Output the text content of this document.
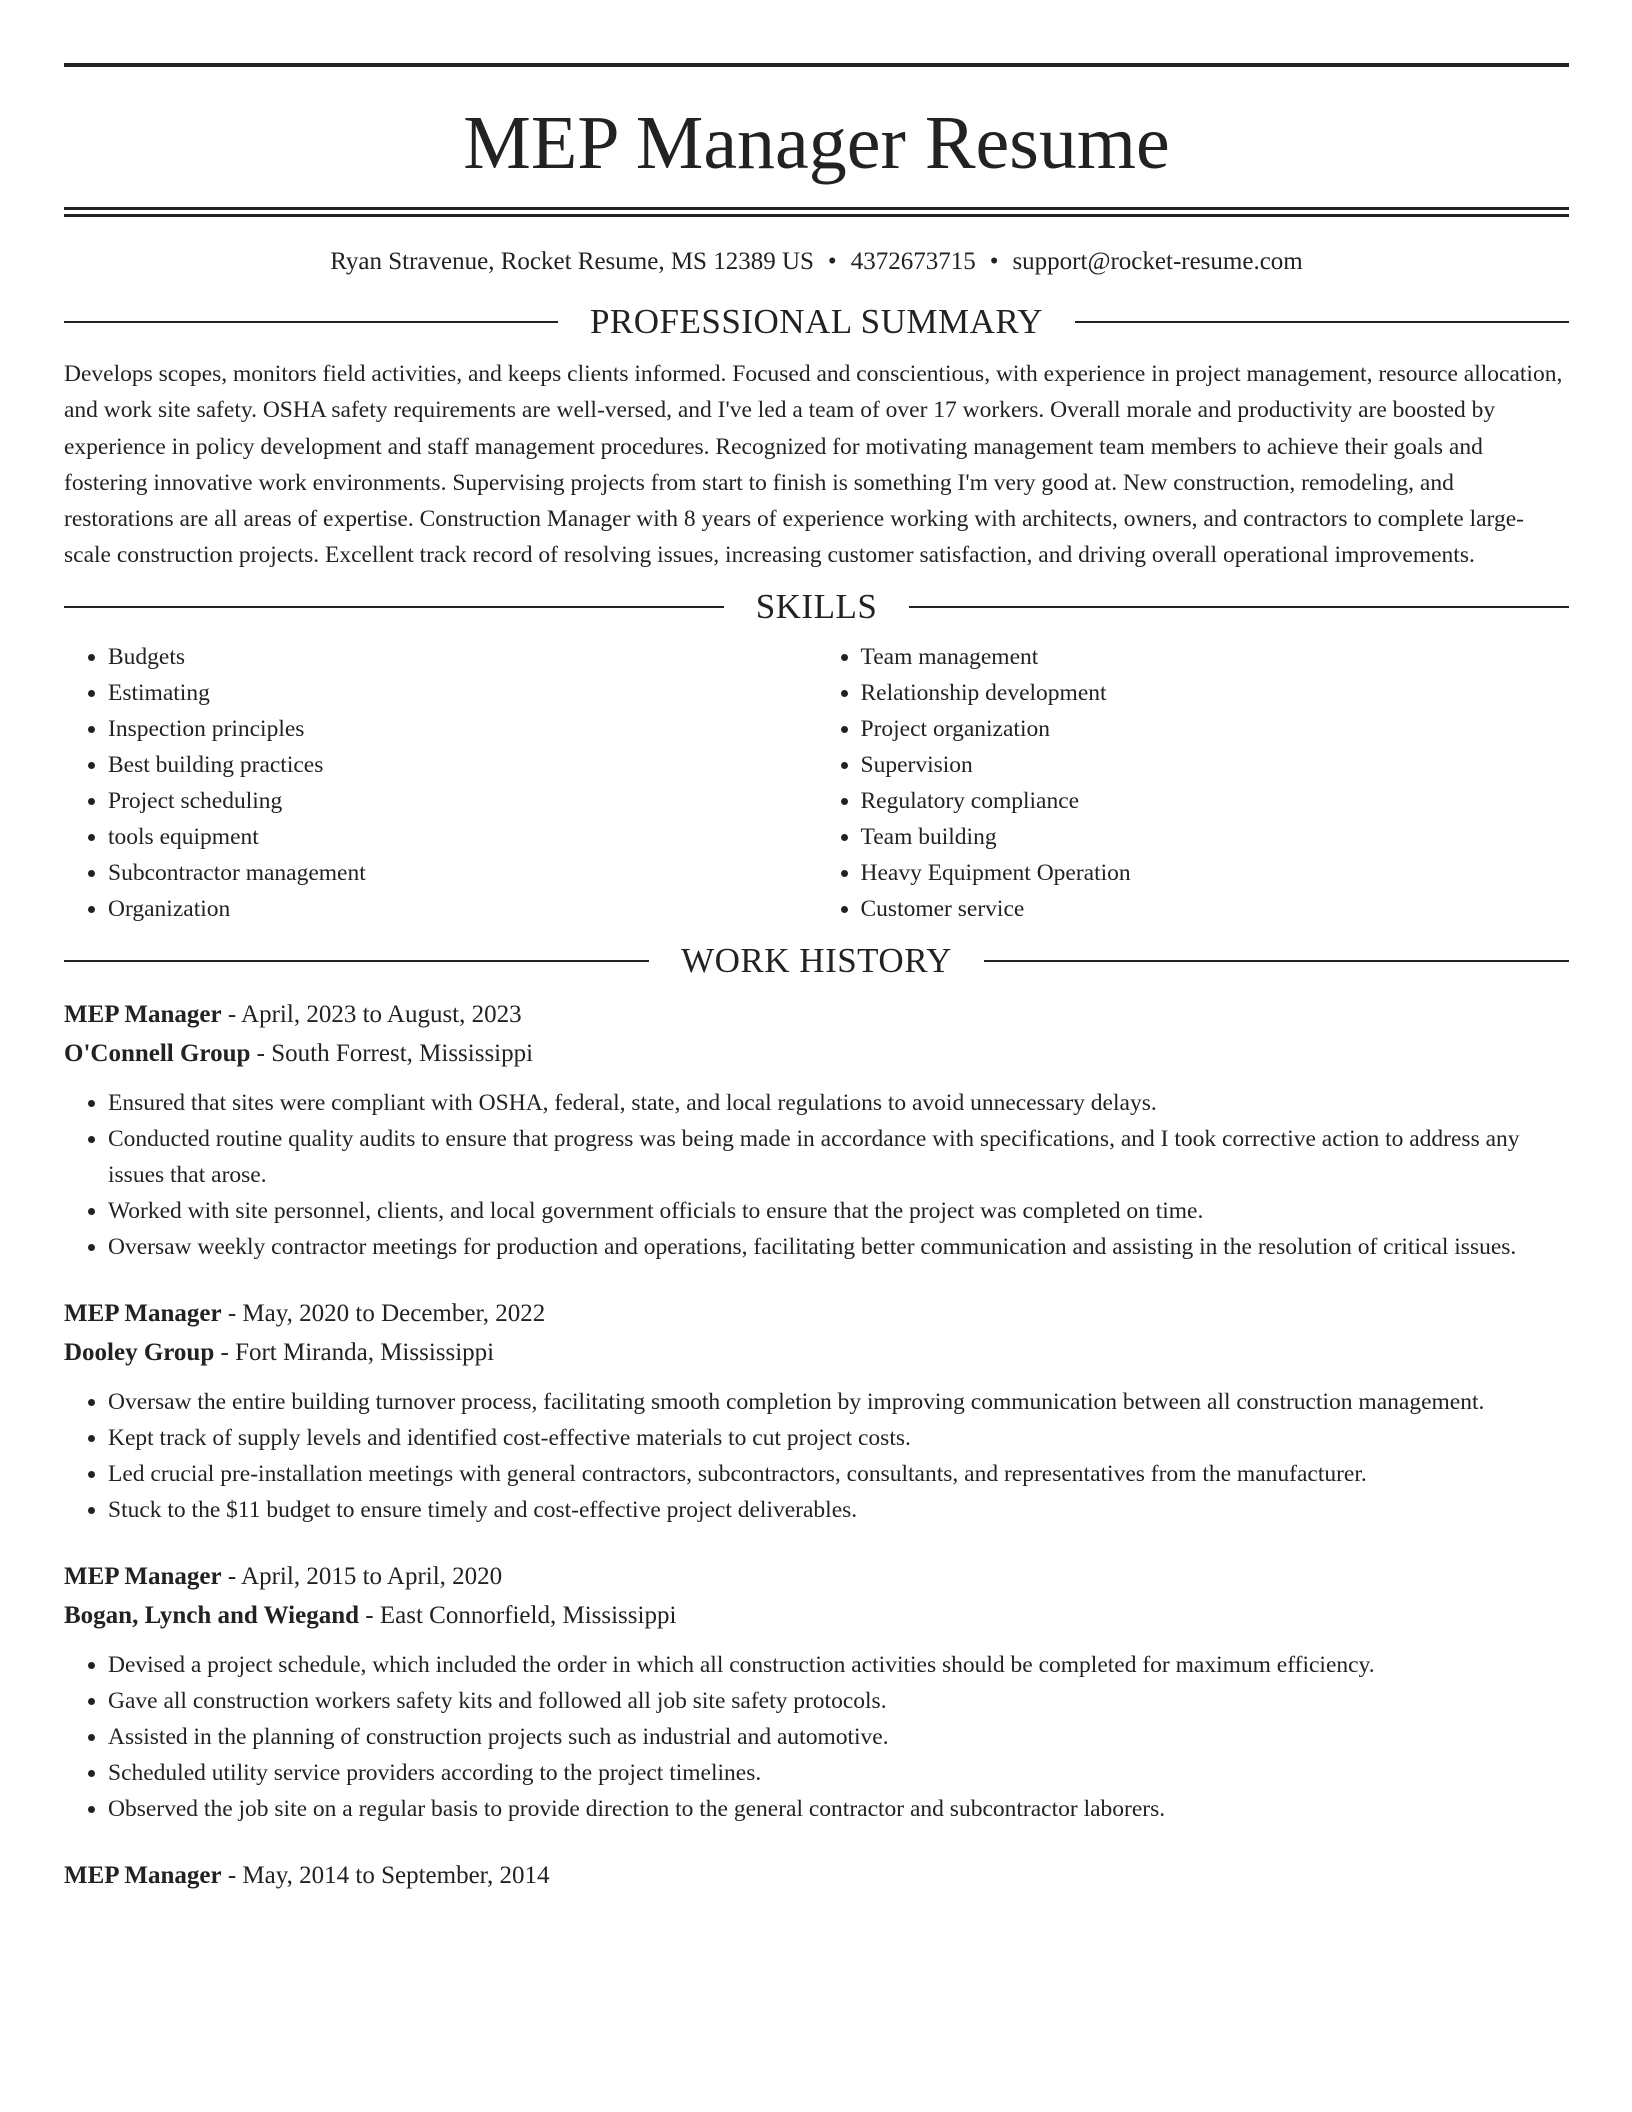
MEP Manager Resume
Ryan Stravenue, Rocket Resume, MS 12389 US • 4372673715 • support@rocket-resume.com
PROFESSIONAL SUMMARY

Develops scopes, monitors field activities, and keeps clients informed. Focused and conscientious, with experience in project management, resource allocation, and work site safety. OSHA safety requirements are well-versed, and I've led a team of over 17 workers. Overall morale and productivity are boosted by experience in policy development and staff management procedures. Recognized for motivating management team members to achieve their goals and fostering innovative work environments. Supervising projects from start to finish is something I'm very good at. New construction, remodeling, and restorations are all areas of expertise. Construction Manager with 8 years of experience working with architects, owners, and contractors to complete large-scale construction projects. Excellent track record of resolving issues, increasing customer satisfaction, and driving overall operational improvements.

SKILLS
• Budgets
• Estimating
• Inspection principles
• Best building practices
• Project scheduling
• tools equipment
• Subcontractor management
• Organization
• Team management
• Relationship development
• Project organization
• Supervision
• Regulatory compliance
• Team building
• Heavy Equipment Operation
• Customer service
WORK HISTORY
MEP Manager - April, 2023 to August, 2023
O'Connell Group - South Forrest, Mississippi
• Ensured that sites were compliant with OSHA, federal, state, and local regulations to avoid unnecessary delays.
• Conducted routine quality audits to ensure that progress was being made in accordance with specifications, and I took corrective action to address any issues that arose.
• Worked with site personnel, clients, and local government officials to ensure that the project was completed on time.
• Oversaw weekly contractor meetings for production and operations, facilitating better communication and assisting in the resolution of critical issues.
MEP Manager - May, 2020 to December, 2022
Dooley Group - Fort Miranda, Mississippi
• Oversaw the entire building turnover process, facilitating smooth completion by improving communication between all construction management.
• Kept track of supply levels and identified cost-effective materials to cut project costs.
• Led crucial pre-installation meetings with general contractors, subcontractors, consultants, and representatives from the manufacturer.
• Stuck to the $11 budget to ensure timely and cost-effective project deliverables.
MEP Manager - April, 2015 to April, 2020
Bogan, Lynch and Wiegand - East Connorfield, Mississippi
• Devised a project schedule, which included the order in which all construction activities should be completed for maximum efficiency.
• Gave all construction workers safety kits and followed all job site safety protocols.
• Assisted in the planning of construction projects such as industrial and automotive.
• Scheduled utility service providers according to the project timelines.
• Observed the job site on a regular basis to provide direction to the general contractor and subcontractor laborers.
MEP Manager - May, 2014 to September, 2014
